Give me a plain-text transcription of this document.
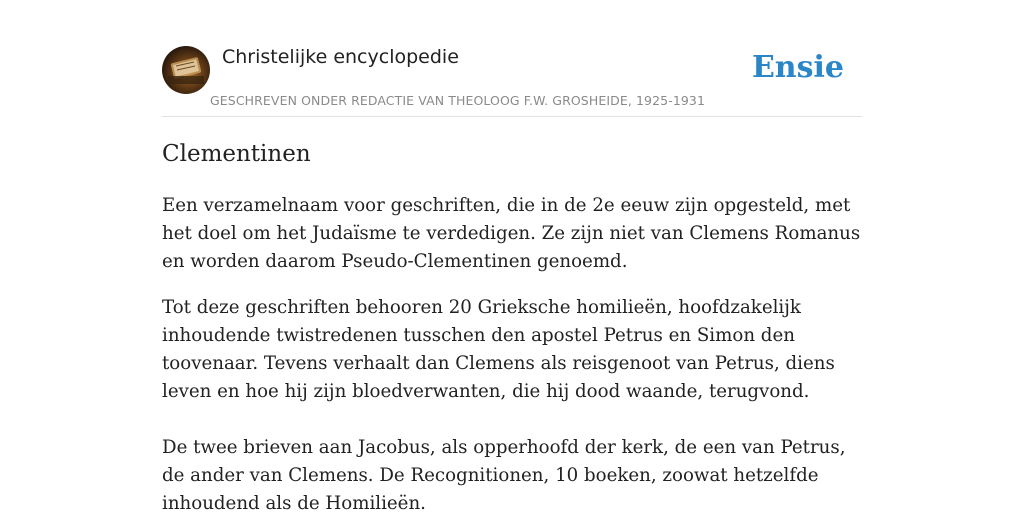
Christelijke encyclopedie
GESCHREVEN ONDER REDACTIE VAN THEOLOOG F.W. GROSHEIDE, 1925-1931
Ensie
Clementinen

Een verzamelnaam voor geschriften, die in de 2e eeuw zijn opgesteld, met het doel om het Judaïsme te verdedigen. Ze zijn niet van Clemens Romanus en worden daarom Pseudo-Clementinen genoemd.

Tot deze geschriften behooren 20 Grieksche homilieën, hoofdzakelijk inhoudende twistredenen tusschen den apostel Petrus en Simon den toovenaar. Tevens verhaalt dan Clemens als reisgenoot van Petrus, diens leven en hoe hij zijn bloedverwanten, die hij dood waande, terugvond.

De twee brieven aan Jacobus, als opperhoofd der kerk, de een van Petrus, de ander van Clemens. De Recognitionen, 10 boeken, zoowat hetzelfde inhoudend als de Homilieën.
